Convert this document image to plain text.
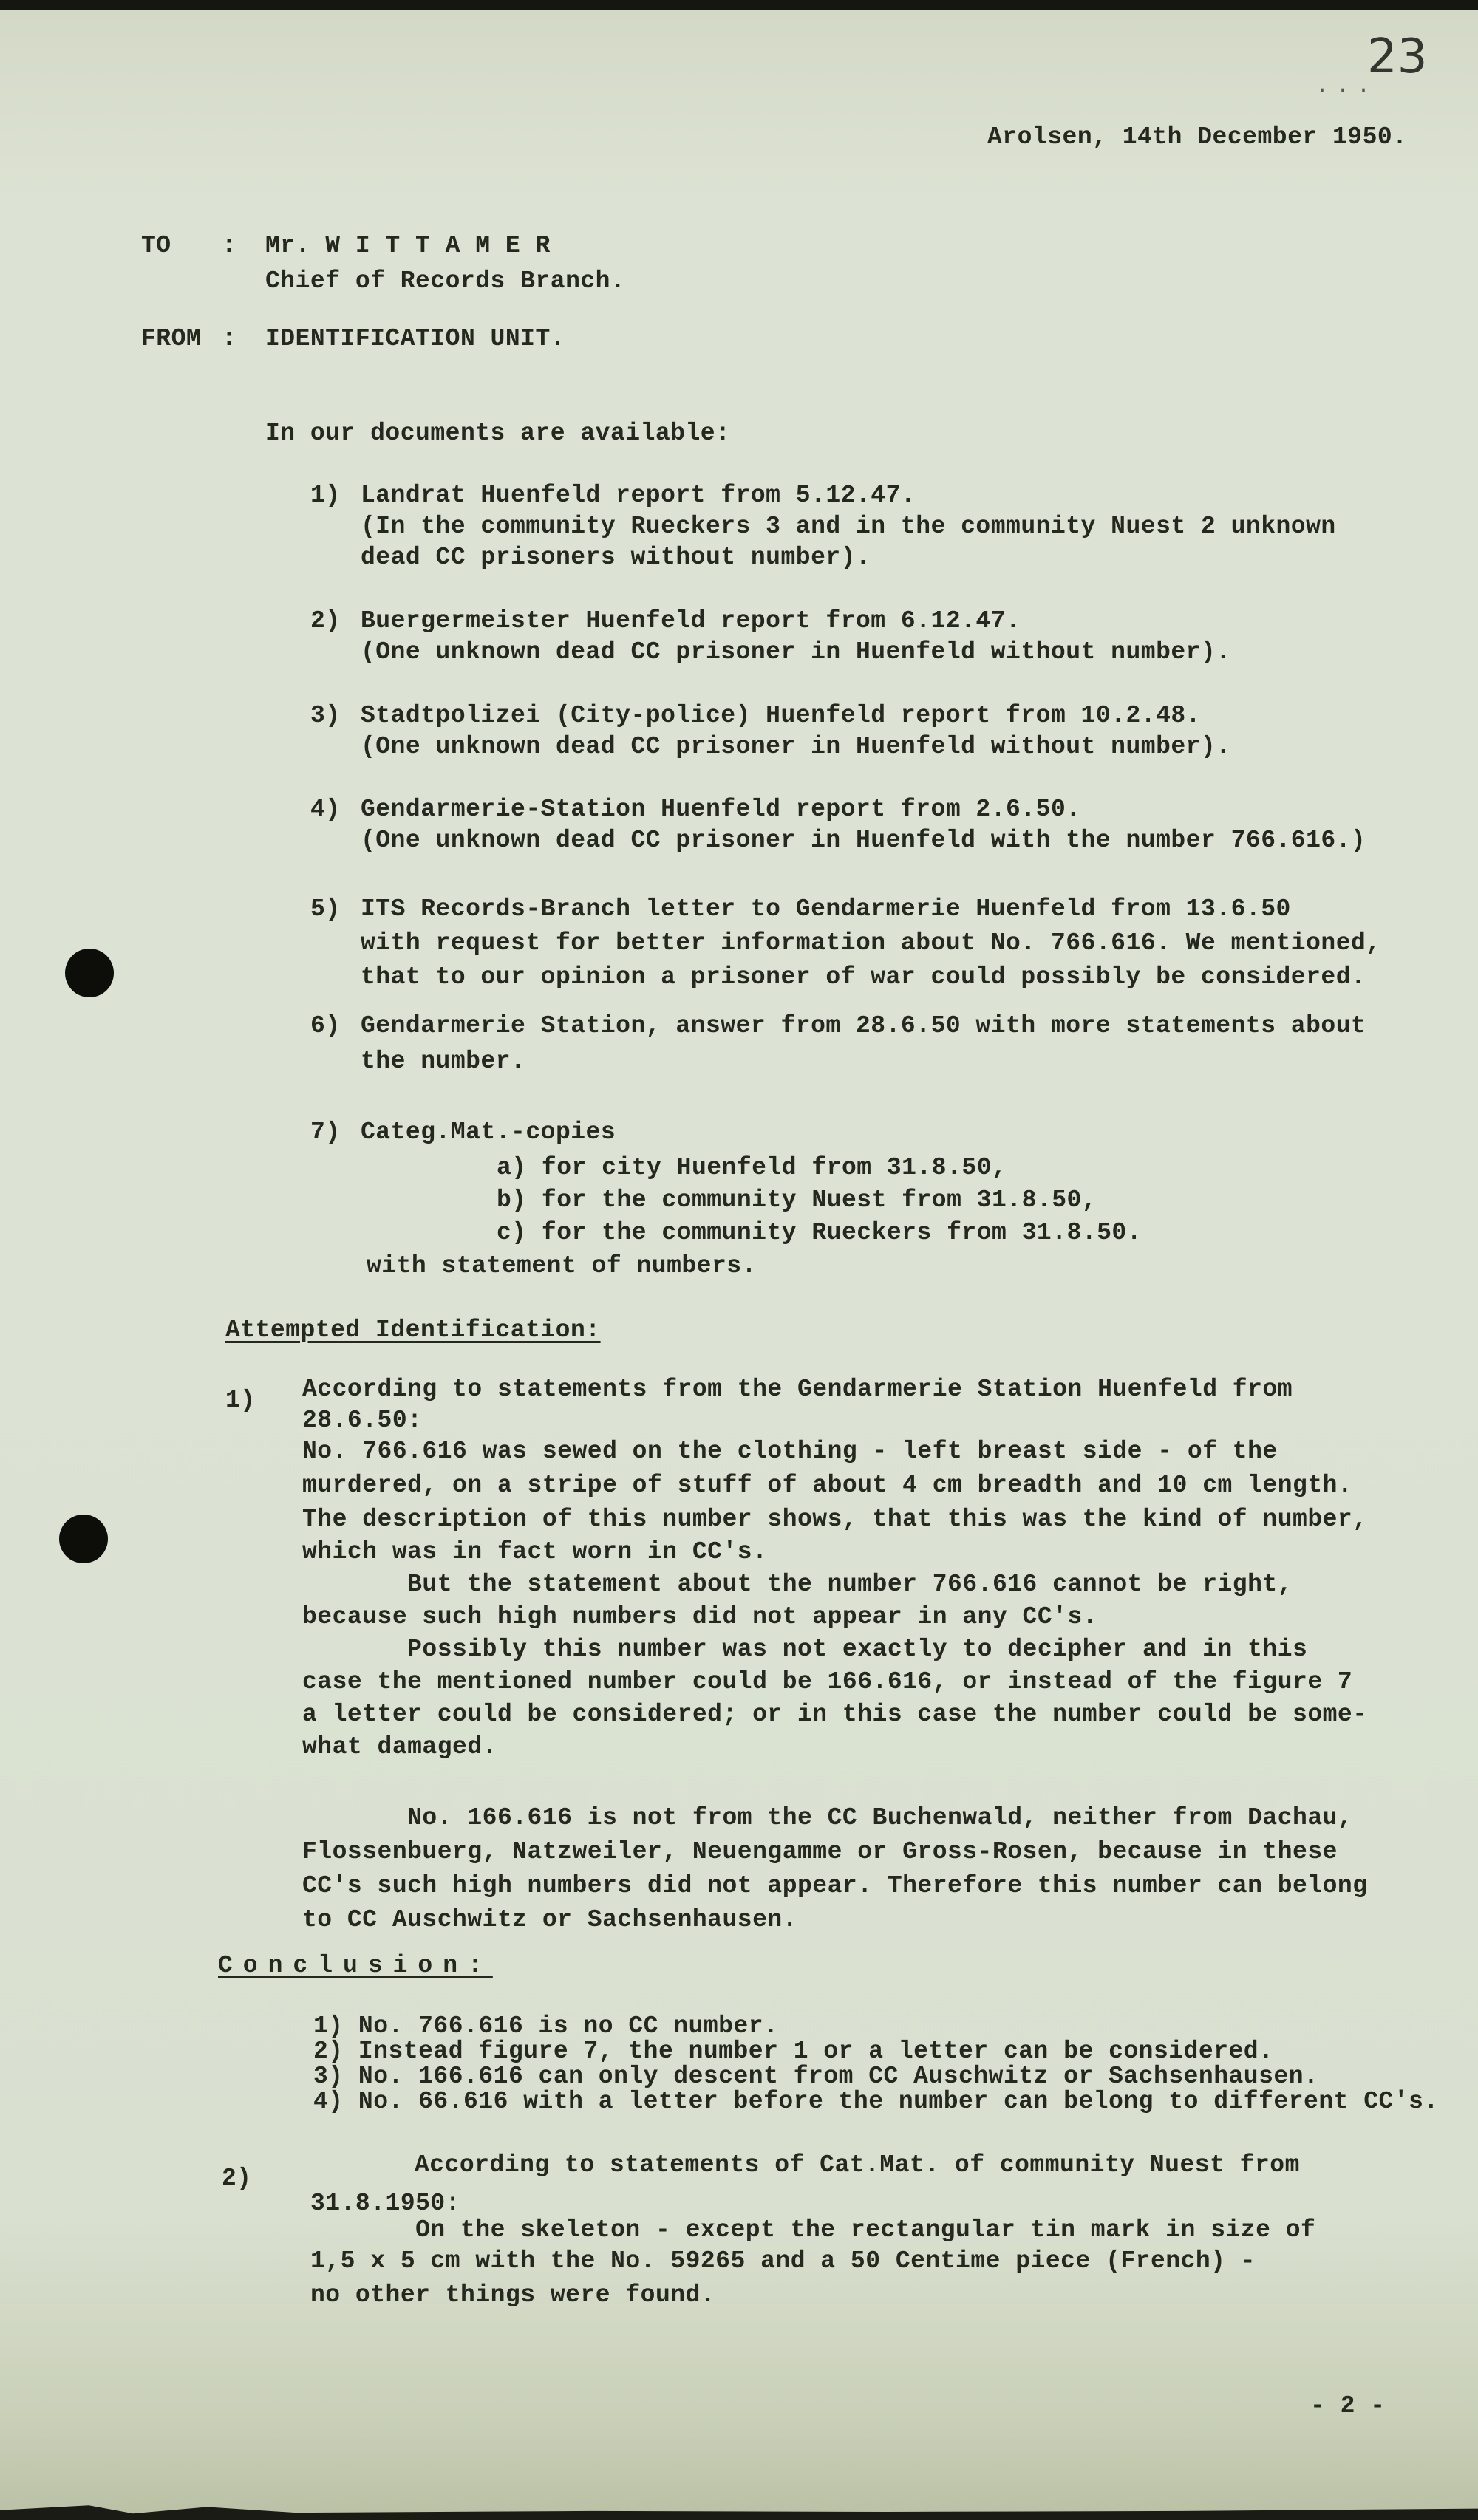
...
23
Arolsen, 14th December 1950.
TO : Mr. W I T T A M E R
Chief of Records Branch.
FROM : IDENTIFICATION UNIT.
In our documents are available:
1) Landrat Huenfeld report from 5.12.47.
(In the community Rueckers 3 and in the community Nuest 2 unknown
dead CC prisoners without number).
2) Buergermeister Huenfeld report from 6.12.47.
(One unknown dead CC prisoner in Huenfeld without number).
3) Stadtpolizei (City-police) Huenfeld report from 10.2.48.
(One unknown dead CC prisoner in Huenfeld without number).
4) Gendarmerie-Station Huenfeld report from 2.6.50.
(One unknown dead CC prisoner in Huenfeld with the number 766.616.)
5) ITS Records-Branch letter to Gendarmerie Huenfeld from 13.6.50
with request for better information about No. 766.616. We mentioned,
that to our opinion a prisoner of war could possibly be considered.
6) Gendarmerie Station, answer from 28.6.50 with more statements about
the number.
7) Categ.Mat.-copies
a) for city Huenfeld from 31.8.50,
b) for the community Nuest from 31.8.50,
c) for the community Rueckers from 31.8.50.
with statement of numbers.
Attempted Identification:
1) According to statements from the Gendarmerie Station Huenfeld from
28.6.50:
No. 766.616 was sewed on the clothing - left breast side - of the
murdered, on a stripe of stuff of about 4 cm breadth and 10 cm length.
The description of this number shows, that this was the kind of number,
which was in fact worn in CC's.
But the statement about the number 766.616 cannot be right,
because such high numbers did not appear in any CC's.
Possibly this number was not exactly to decipher and in this
case the mentioned number could be 166.616, or instead of the figure 7
a letter could be considered; or in this case the number could be some-
what damaged.
No. 166.616 is not from the CC Buchenwald, neither from Dachau,
Flossenbuerg, Natzweiler, Neuengamme or Gross-Rosen, because in these
CC's such high numbers did not appear. Therefore this number can belong
to CC Auschwitz or Sachsenhausen.
Conclusion:
1) No. 766.616 is no CC number.
2) Instead figure 7, the number 1 or a letter can be considered.
3) No. 166.616 can only descent from CC Auschwitz or Sachsenhausen.
4) No. 66.616 with a letter before the number can belong to different CC's.
2)	According to statements of Cat.Mat. of community Nuest from
31.8.1950:
On the skeleton - except the rectangular tin mark in size of
1,5 x 5 cm with the No. 59265 and a 50 Centime piece (French) -
no other things were found.
- 2 -
